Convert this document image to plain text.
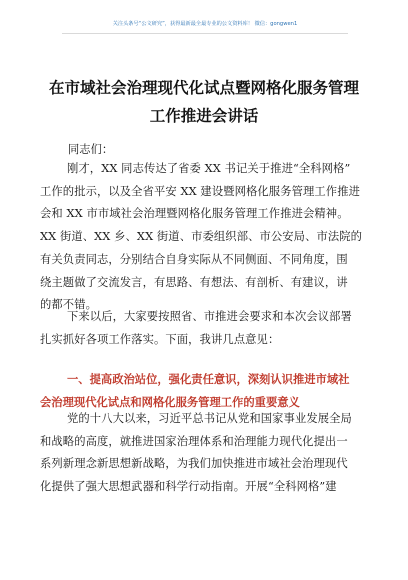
关注头条号“公文研究”，获得最新最全最专业的公文资料库！ 微信：gongwen1
在市域社会治理现代化试点暨网格化服务管理
工作推进会讲话
同志们：
刚才，XX 同志传达了省委 XX 书记关于推进“全科网格”
工作的批示，以及全省平安 XX 建设暨网格化服务管理工作推进
会和 XX 市市域社会治理暨网格化服务管理工作推进会精神。
XX 街道、XX 乡、XX 街道、市委组织部、市公安局、市法院的
有关负责同志，分别结合自身实际从不同侧面、不同角度，围
绕主题做了交流发言，有思路、有想法、有剖析、有建议，讲
的都不错。
下来以后，大家要按照省、市推进会要求和本次会议部署
扎实抓好各项工作落实。下面，我讲几点意见：
一、提高政治站位，强化责任意识，深刻认识推进市域社
会治理现代化试点和网格化服务管理工作的重要意义
党的十八大以来，习近平总书记从党和国家事业发展全局
和战略的高度，就推进国家治理体系和治理能力现代化提出一
系列新理念新思想新战略，为我们加快推进市域社会治理现代
化提供了强大思想武器和科学行动指南。开展“全科网格”建
